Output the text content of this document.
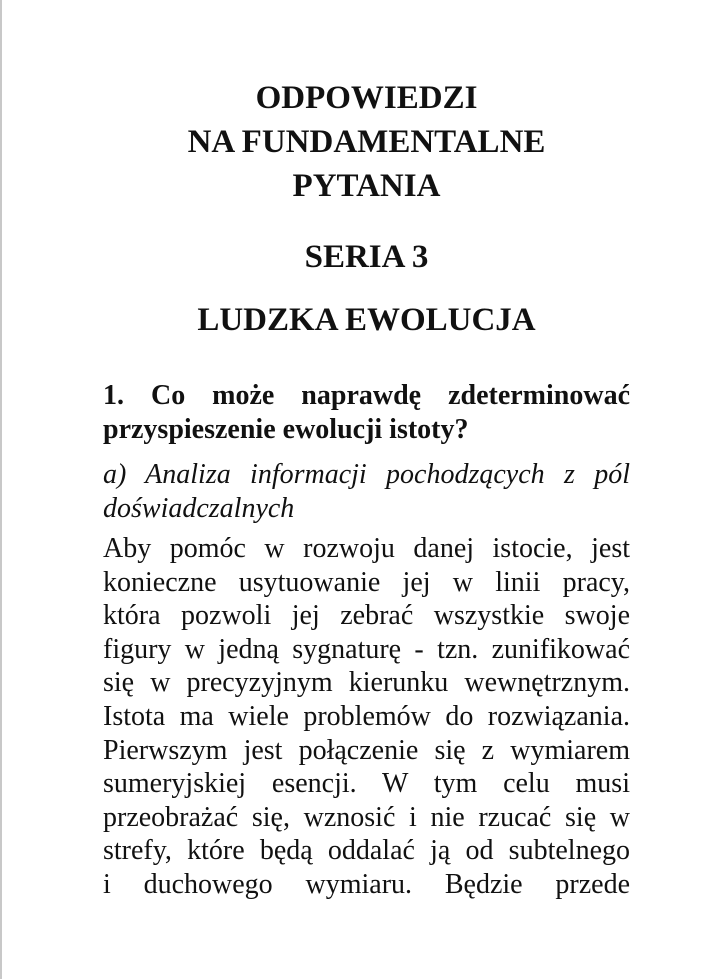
ODPOWIEDZI
NA FUNDAMENTALNE
PYTANIA
SERIA 3
LUDZKA EWOLUCJA
1. Co może naprawdę zdeterminować
przyspieszenie ewolucji istoty?
a) Analiza informacji pochodzących z pól
doświadczalnych
Aby pomóc w rozwoju danej istocie, jest
konieczne usytuowanie jej w linii pracy,
która pozwoli jej zebrać wszystkie swoje
figury w jedną sygnaturę - tzn. zunifikować
się w precyzyjnym kierunku wewnętrznym.
Istota ma wiele problemów do rozwiązania.
Pierwszym jest połączenie się z wymiarem
sumeryjskiej esencji. W tym celu musi
przeobrażać się, wznosić i nie rzucać się w
strefy, które będą oddalać ją od subtelnego
i duchowego wymiaru. Będzie przede
